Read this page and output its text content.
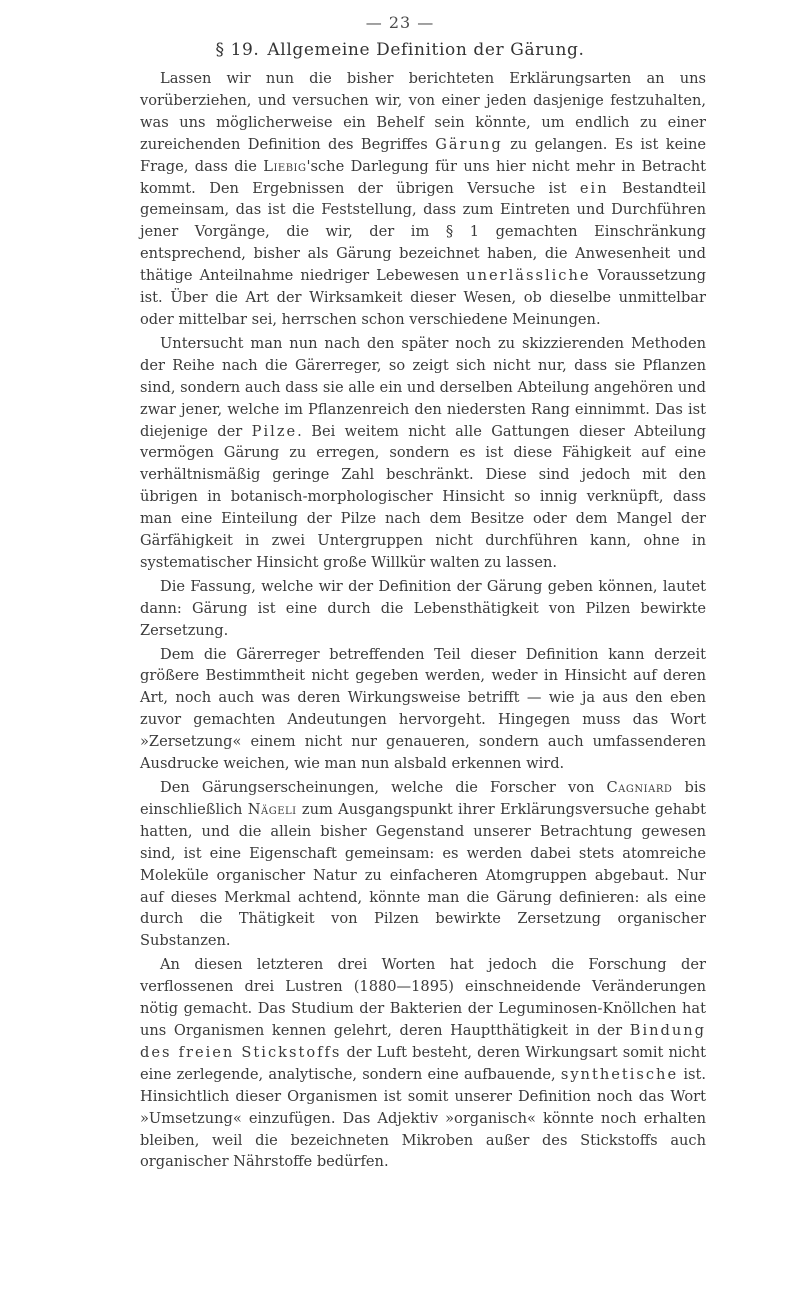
— 23 —
§ 19. Allgemeine Definition der Gärung.

Lassen wir nun die bisher berichteten Erklärungsarten an uns vorüberziehen, und versuchen wir, von einer jeden dasjenige festzuhalten, was uns möglicherweise ein Behelf sein könnte, um endlich zu einer zureichenden Definition des Begriffes Gärung zu gelangen. Es ist keine Frage, dass die Liebig'sche Darlegung für uns hier nicht mehr in Betracht kommt. Den Ergebnissen der übrigen Versuche ist ein Bestandteil gemeinsam, das ist die Feststellung, dass zum Eintreten und Durchführen jener Vorgänge, die wir, der im § 1 gemachten Einschränkung entsprechend, bisher als Gärung bezeichnet haben, die Anwesenheit und thätige Anteilnahme niedriger Lebewesen unerlässliche Voraussetzung ist. Über die Art der Wirksamkeit dieser Wesen, ob dieselbe unmittelbar oder mittelbar sei, herrschen schon verschiedene Meinungen.

Untersucht man nun nach den später noch zu skizzierenden Methoden der Reihe nach die Gärerreger, so zeigt sich nicht nur, dass sie Pflanzen sind, sondern auch dass sie alle ein und derselben Abteilung angehören und zwar jener, welche im Pflanzenreich den niedersten Rang einnimmt. Das ist diejenige der Pilze. Bei weitem nicht alle Gattungen dieser Abteilung vermögen Gärung zu erregen, sondern es ist diese Fähigkeit auf eine verhältnismäßig geringe Zahl beschränkt. Diese sind jedoch mit den übrigen in botanisch-morphologischer Hinsicht so innig verknüpft, dass man eine Einteilung der Pilze nach dem Besitze oder dem Mangel der Gärfähigkeit in zwei Untergruppen nicht durchführen kann, ohne in systematischer Hinsicht große Willkür walten zu lassen.

Die Fassung, welche wir der Definition der Gärung geben können, lautet dann: Gärung ist eine durch die Lebensthätigkeit von Pilzen bewirkte Zersetzung.

Dem die Gärerreger betreffenden Teil dieser Definition kann derzeit größere Bestimmtheit nicht gegeben werden, weder in Hinsicht auf deren Art, noch auch was deren Wirkungsweise betrifft — wie ja aus den eben zuvor gemachten Andeutungen hervorgeht. Hingegen muss das Wort »Zersetzung« einem nicht nur genaueren, sondern auch umfassenderen Ausdrucke weichen, wie man nun alsbald erkennen wird.

Den Gärungserscheinungen, welche die Forscher von Cagniard bis einschließlich Nägeli zum Ausgangspunkt ihrer Erklärungsversuche gehabt hatten, und die allein bisher Gegenstand unserer Betrachtung gewesen sind, ist eine Eigenschaft gemeinsam: es werden dabei stets atomreiche Moleküle organischer Natur zu einfacheren Atomgruppen abgebaut. Nur auf dieses Merkmal achtend, könnte man die Gärung definieren: als eine durch die Thätigkeit von Pilzen bewirkte Zersetzung organischer Substanzen.

An diesen letzteren drei Worten hat jedoch die Forschung der verflossenen drei Lustren (1880—1895) einschneidende Veränderungen nötig gemacht. Das Studium der Bakterien der Leguminosen-Knöllchen hat uns Organismen kennen gelehrt, deren Hauptthätigkeit in der Bindung des freien Stickstoffs der Luft besteht, deren Wirkungsart somit nicht eine zerlegende, analytische, sondern eine aufbauende, synthetische ist. Hinsichtlich dieser Organismen ist somit unserer Definition noch das Wort »Umsetzung« einzufügen. Das Adjektiv »organisch« könnte noch erhalten bleiben, weil die bezeichneten Mikroben außer des Stickstoffs auch organischer Nährstoffe bedürfen.
